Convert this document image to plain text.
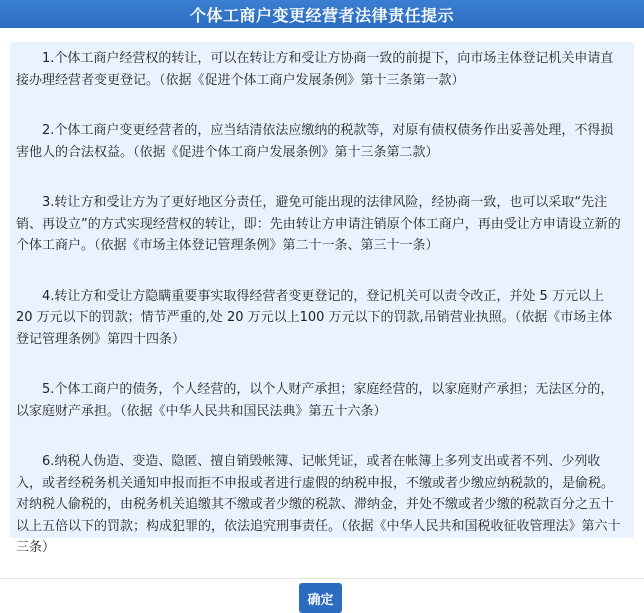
个体工商户变更经营者法律责任提示

1.个体工商户经营权的转让，可以在转让方和受让方协商一致的前提下，向市场主体登记机关申请直接办理经营者变更登记。（依据《促进个体工商户发展条例》第十三条第一款）

2.个体工商户变更经营者的，应当结清依法应缴纳的税款等，对原有债权债务作出妥善处理，不得损害他人的合法权益。（依据《促进个体工商户发展条例》第十三条第二款）

3.转让方和受让方为了更好地区分责任，避免可能出现的法律风险，经协商一致，也可以采取“先注销、再设立”的方式实现经营权的转让，即：先由转让方申请注销原个体工商户，再由受让方申请设立新的个体工商户。（依据《市场主体登记管理条例》第二十一条、第三十一条）

4.转让方和受让方隐瞒重要事实取得经营者变更登记的，登记机关可以责令改正，并处 5 万元以上 20 万元以下的罚款；情节严重的,处 20 万元以上100 万元以下的罚款,吊销营业执照。（依据《市场主体登记管理条例》第四十四条）

5.个体工商户的债务，个人经营的，以个人财产承担；家庭经营的，以家庭财产承担；无法区分的，以家庭财产承担。（依据《中华人民共和国民法典》第五十六条）

6.纳税人伪造、变造、隐匿、擅自销毁帐簿、记帐凭证，或者在帐簿上多列支出或者不列、少列收入，或者经税务机关通知申报而拒不申报或者进行虚假的纳税申报，不缴或者少缴应纳税款的，是偷税。对纳税人偷税的，由税务机关追缴其不缴或者少缴的税款、滞纳金，并处不缴或者少缴的税款百分之五十以上五倍以下的罚款；构成犯罪的，依法追究刑事责任。（依据《中华人民共和国税收征收管理法》第六十三条）

确定
